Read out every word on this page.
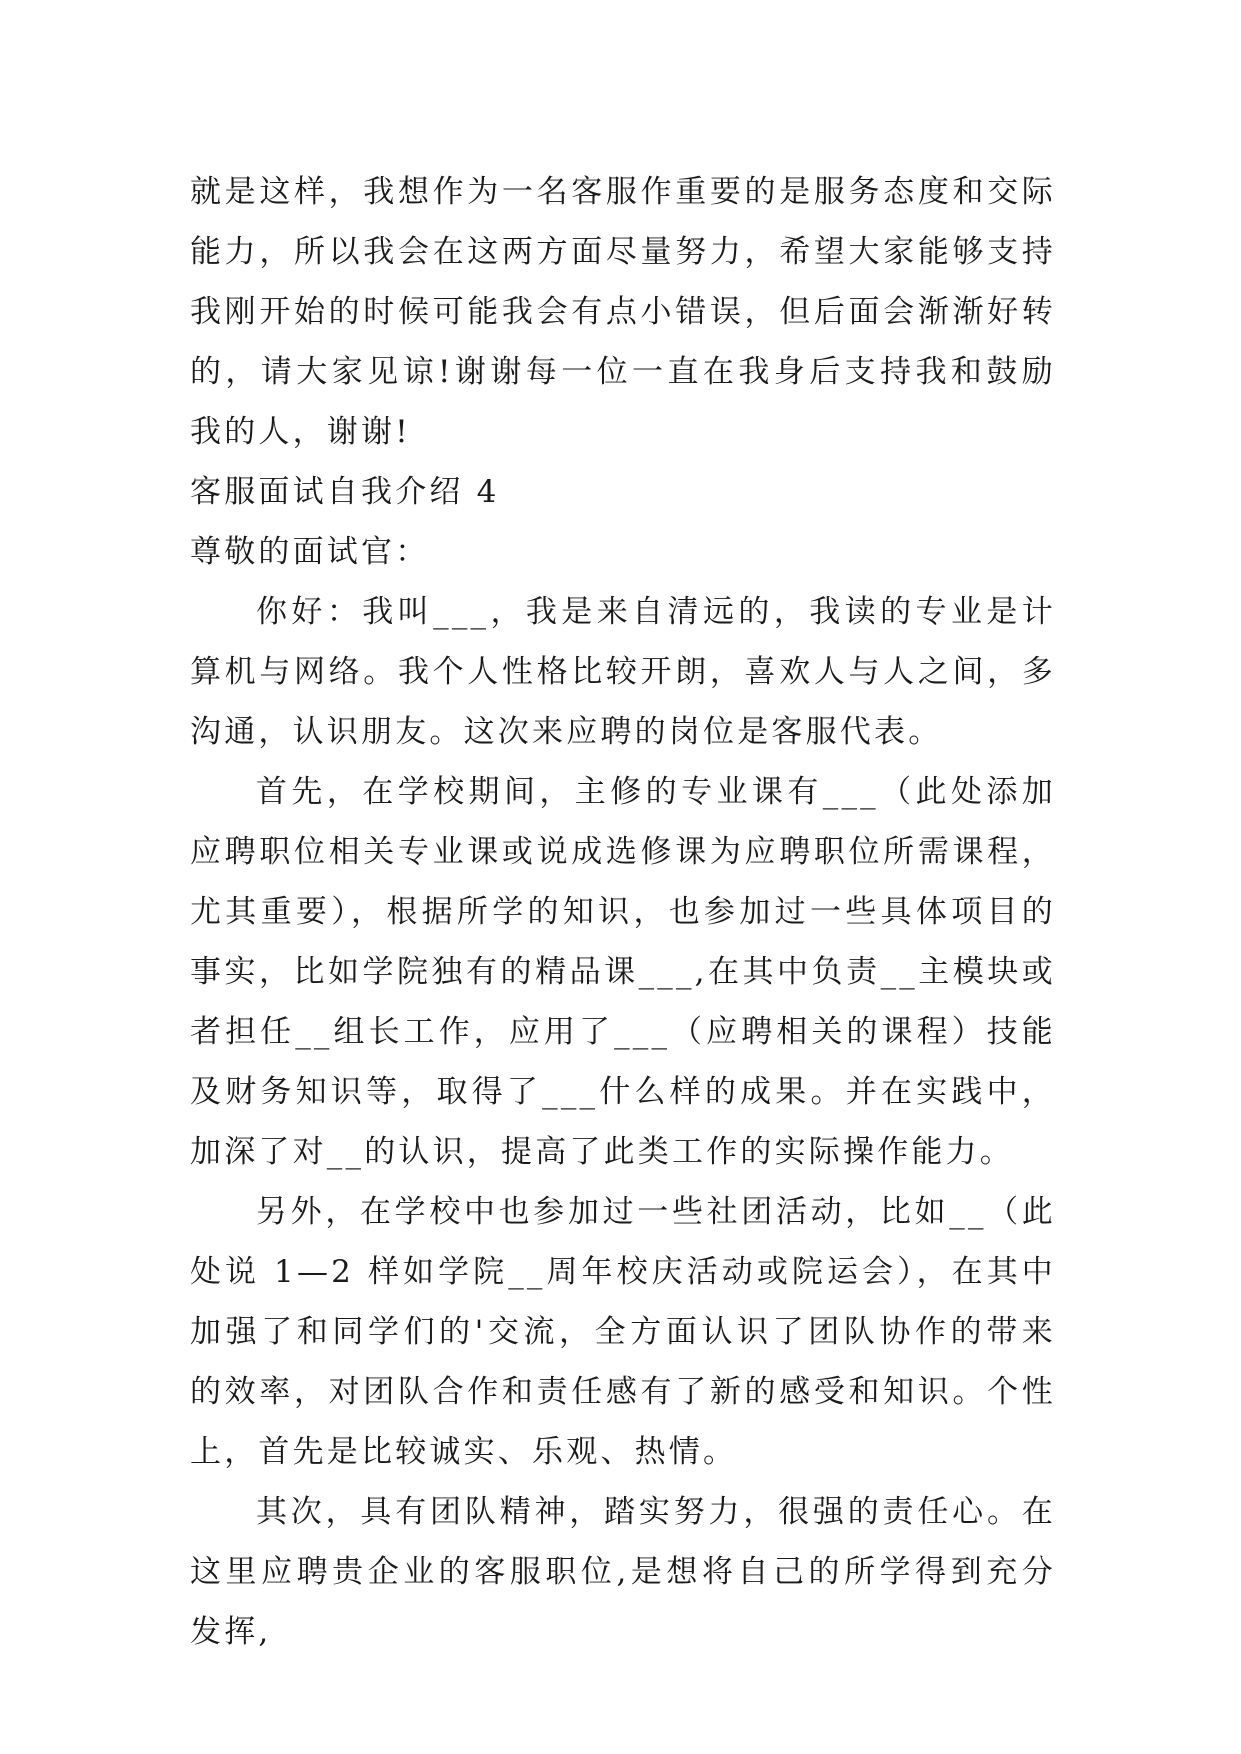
就是这样，我想作为一名客服作重要的是服务态度和交际能力，所以我会在这两方面尽量努力，希望大家能够支持我刚开始的时候可能我会有点小错误，但后面会渐渐好转的，请大家见谅!谢谢每一位一直在我身后支持我和鼓励我的人，谢谢!

客服面试自我介绍 4

尊敬的面试官：

你好：我叫___，我是来自清远的，我读的专业是计算机与网络。我个人性格比较开朗，喜欢人与人之间，多沟通，认识朋友。这次来应聘的岗位是客服代表。

首先，在学校期间，主修的专业课有___（此处添加应聘职位相关专业课或说成选修课为应聘职位所需课程，尤其重要），根据所学的知识，也参加过一些具体项目的事实，比如学院独有的精品课___,在其中负责__主模块或者担任__组长工作，应用了___（应聘相关的课程）技能及财务知识等，取得了___什么样的成果。并在实践中，加深了对__的认识，提高了此类工作的实际操作能力。

另外，在学校中也参加过一些社团活动，比如__（此处说 1—2 样如学院__周年校庆活动或院运会），在其中加强了和同学们的'交流，全方面认识了团队协作的带来的效率，对团队合作和责任感有了新的感受和知识。个性上，首先是比较诚实、乐观、热情。

其次，具有团队精神，踏实努力，很强的责任心。在这里应聘贵企业的客服职位,是想将自己的所学得到充分发挥,
